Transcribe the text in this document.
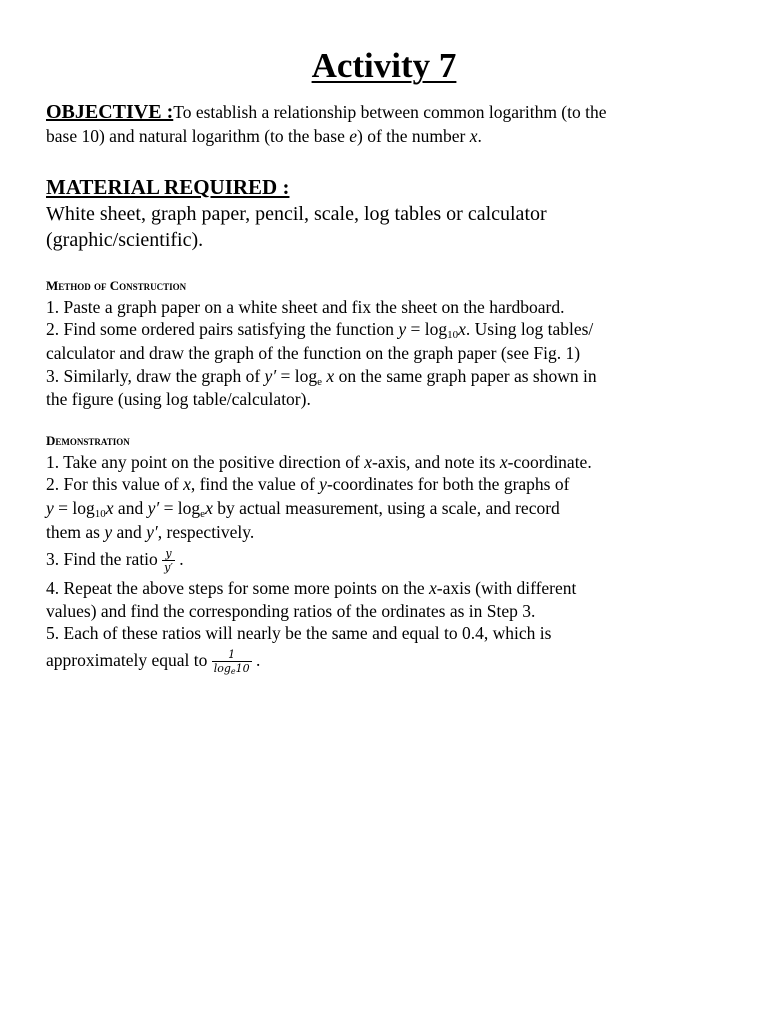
Activity 7
OBJECTIVE :To establish a relationship between common logarithm (to the
base 10) and natural logarithm (to the base e) of the number x.
MATERIAL REQUIRED :
White sheet, graph paper, pencil, scale, log tables or calculator
(graphic/scientific).
Method of Construction
1. Paste a graph paper on a white sheet and fix the sheet on the hardboard.
2. Find some ordered pairs satisfying the function $y = \log_{10}x$. Using log tables/
calculator and draw the graph of the function on the graph paper (see Fig. 1)
3. Similarly, draw the graph of $y' = \log_e x$ on the same graph paper as shown in
the figure (using log table/calculator).
Demonstration
1. Take any point on the positive direction of x-axis, and note its x-coordinate.
2. For this value of x, find the value of y-coordinates for both the graphs of
$y = \log_{10}x$ and $y' = \log_ex$ by actual measurement, using a scale, and record
them as y and y′, respectively.
3. Find the ratio $\frac{y}{y'}$ .
4. Repeat the above steps for some more points on the x-axis (with different
values) and find the corresponding ratios of the ordinates as in Step 3.
5. Each of these ratios will nearly be the same and equal to 0.4, which is
approximately equal to $\frac{1}{\log_e10}$ .
